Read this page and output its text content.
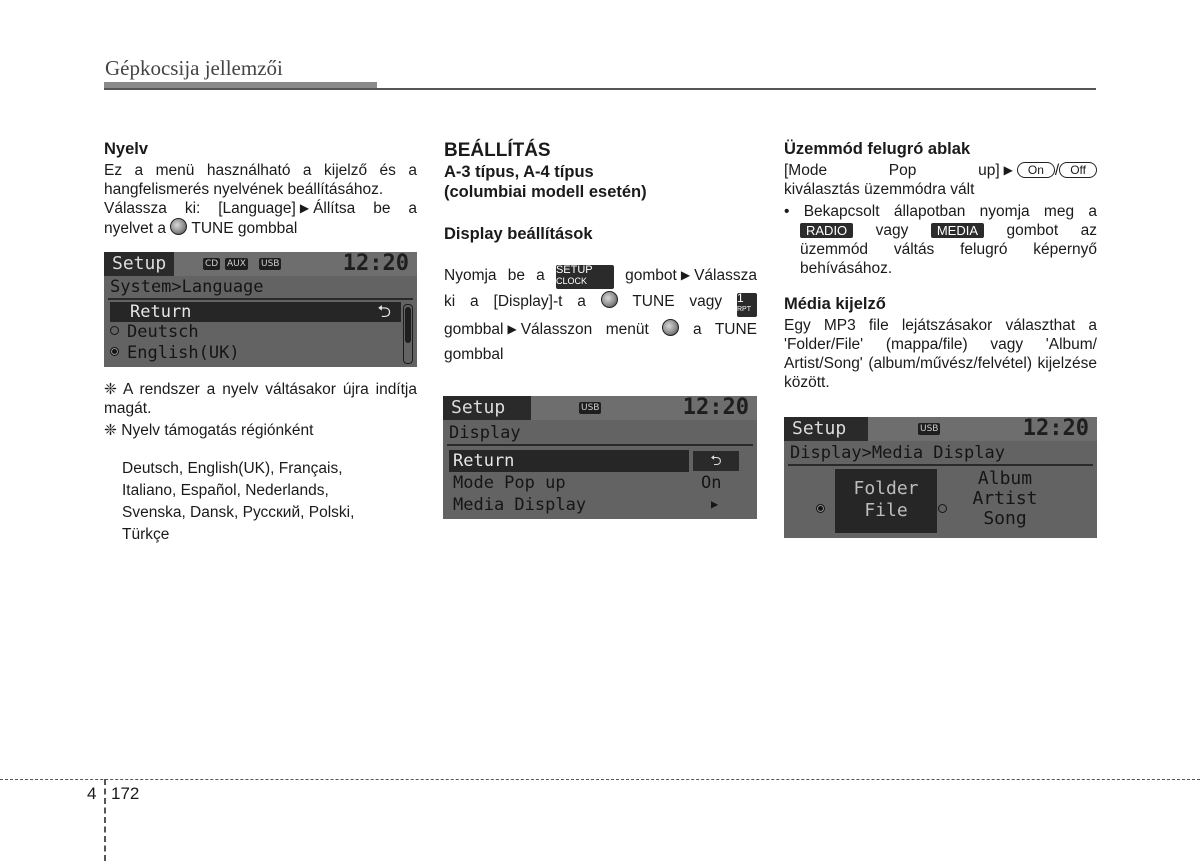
Gépkocsija jellemzői
Nyelv

Ez a menü használható a kijelző és a hangfelismerés nyelvének beállításához.

Válassza ki: [Language] ▶ Állítsa be a

nyelvet a TUNE gombbal

Setup	CD AUX USB	12:20
System>Language
Return	⮌
Deutsch
English(UK)

❈ A rendszer a nyelv váltásakor újra indítja magát.

❈ Nyelv támogatás régiónként

Deutsch, English(UK), Français,
Italiano, Español, Nederlands,
Svenska, Dansk, Русский, Polski,
Türkçe
BEÁLLÍTÁS
A-3 típus, A-4 típus
(columbiai modell esetén)
Display beállítások

Nyomja be a SETUP
CLOCK	gombot ▶ Válassza

ki a [Display]-t a	TUNE vagy 1
RPT

gombbal ▶ Válasszon menüt	a TUNE

gombbal

Setup	USB	12:20
Display
Return	⮌
Mode Pop up	On
Media Display	▶
Üzemmód felugró ablak

[Mode Pop up] ▶ On / Off

kiválasztás üzemmódra vált

• Bekapcsolt állapotban nyomja meg a

RADIO vagy MEDIA gombot az

üzemmód váltás felugró képernyő

behívásához.

Média kijelző

Egy MP3 file lejátszásakor választhat a 'Folder/File' (mappa/file) vagy 'Album/ Artist/Song' (album/művész/felvétel) kijelzése között.

Setup	USB	12:20
Display>Media Display
Folder
File
Album
Artist
Song
4 172
